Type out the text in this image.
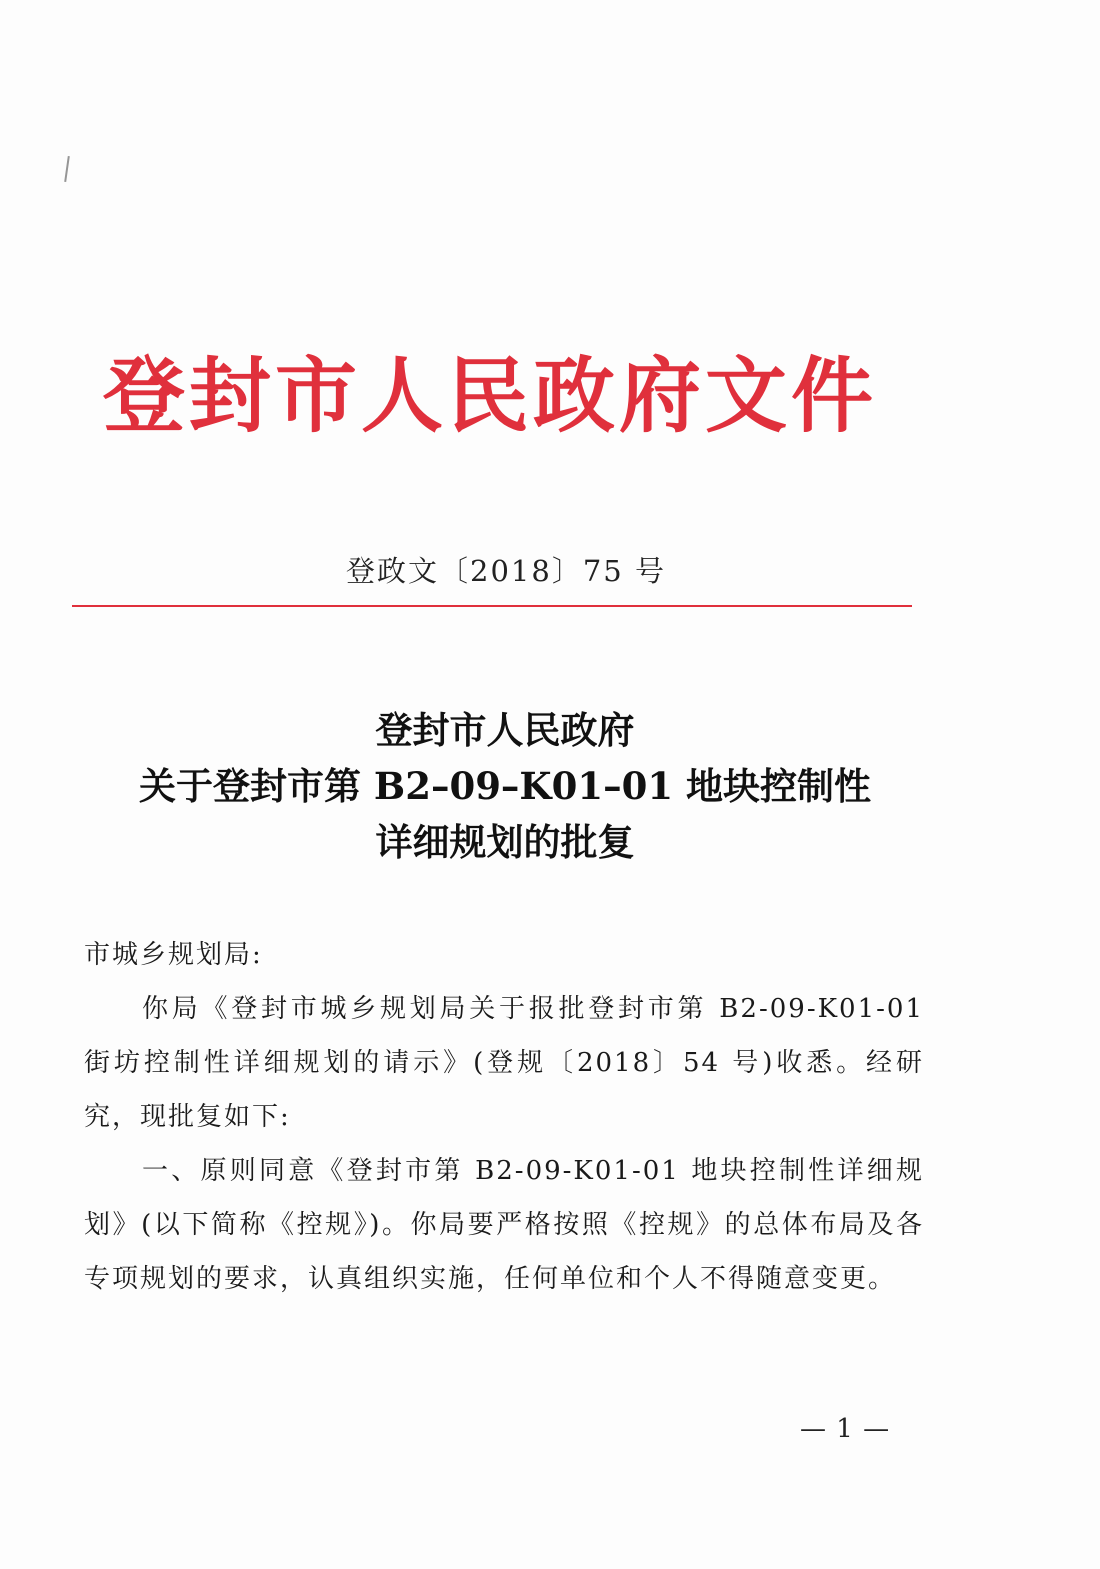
登封市人民政府文件
登政文〔2018〕75 号
登封市人民政府
关于登封市第 B2–09–K01–01 地块控制性
详细规划的批复

市城乡规划局:

你局《登封市城乡规划局关于报批登封市第 B2-09-K01-01 街坊控制性详细规划的请示》(登规〔2018〕54 号)收悉。经研究，现批复如下:

一、原则同意《登封市第 B2-09-K01-01 地块控制性详细规划》(以下简称《控规》)。你局要严格按照《控规》的总体布局及各专项规划的要求，认真组织实施，任何单位和个人不得随意变更。

— 1 —
